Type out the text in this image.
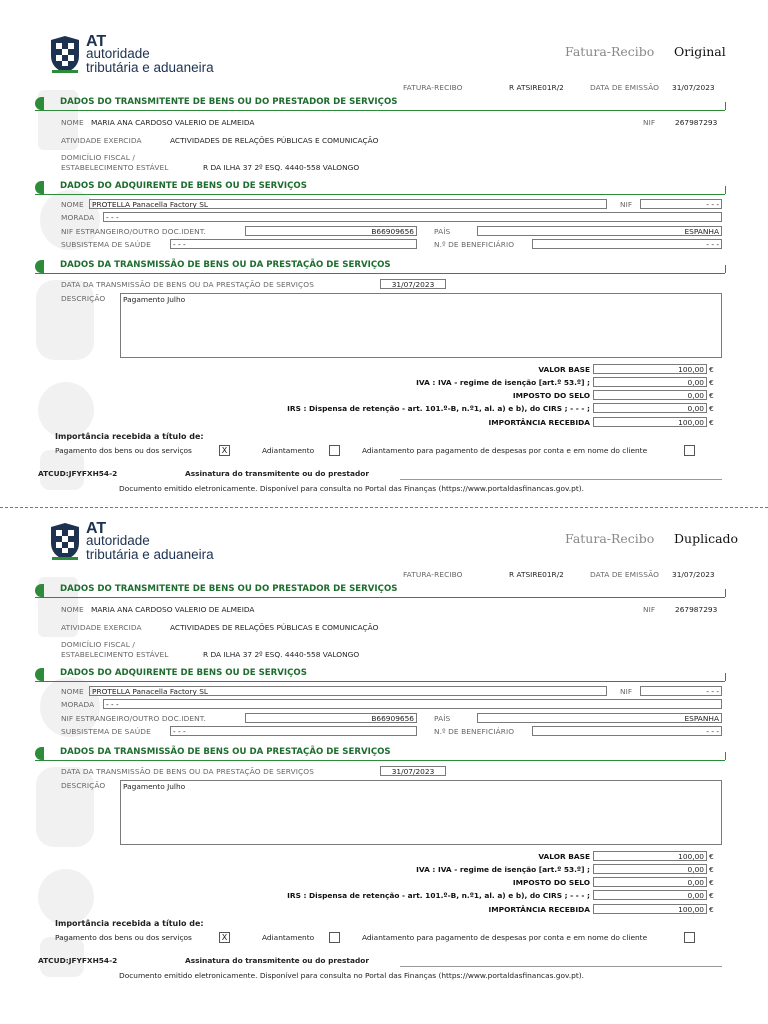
AT
autoridade
tributária e aduaneira
Fatura-Recibo Original
FATURA-RECIBO	R ATSIRE01R/2	DATA DE EMISSÃO 31/07/2023
DADOS DO TRANSMITENTE DE BENS OU DO PRESTADOR DE SERVIÇOS
NOME MARIA ANA CARDOSO VALERIO DE ALMEIDA	NIF	267987293
ATIVIDADE EXERCIDA	ACTIVIDADES DE RELAÇÕES PÚBLICAS E COMUNICAÇÃO
DOMICÍLIO FISCAL /
ESTABELECIMENTO ESTÁVEL	R DA ILHA 37 2º ESQ. 4440-558 VALONGO
DADOS DO ADQUIRENTE DE BENS OU DE SERVIÇOS
NOME	PROTELLA Panacella Factory SL	NIF	- - -
MORADA	- - -
NIF ESTRANGEIRO/OUTRO DOC.IDENT.	B66909656	PAÍS	ESPANHA
SUBSISTEMA DE SAÚDE	- - -	N.º DE BENEFICIÁRIO	- - -
DADOS DA TRANSMISSÃO DE BENS OU DA PRESTAÇÃO DE SERVIÇOS
DATA DA TRANSMISSÃO DE BENS OU DA PRESTAÇÃO DE SERVIÇOS	31/07/2023
DESCRIÇÃO	Pagamento Julho
VALOR BASE	100,00 €
IVA : IVA - regime de isenção [art.º 53.º] ;	0,00 €
IMPOSTO DO SELO	0,00 €
IRS : Dispensa de retenção - art. 101.º-B, n.º1, al. a) e b), do CIRS ; - - - ;	0,00 €
IMPORTÂNCIA RECEBIDA	100,00 €
Importância recebida a título de:
Pagamento dos bens ou dos serviços	X	Adiantamento	Adiantamento para pagamento de despesas por conta e em nome do cliente
ATCUD:JFYFXH54-2	Assinatura do transmitente ou do prestador
Documento emitido eletronicamente. Disponível para consulta no Portal das Finanças (https://www.portaldasfinancas.gov.pt).
AT
autoridade
tributária e aduaneira
Fatura-Recibo Duplicado
FATURA-RECIBO	R ATSIRE01R/2	DATA DE EMISSÃO 31/07/2023
DADOS DO TRANSMITENTE DE BENS OU DO PRESTADOR DE SERVIÇOS
NOME MARIA ANA CARDOSO VALERIO DE ALMEIDA	NIF	267987293
ATIVIDADE EXERCIDA	ACTIVIDADES DE RELAÇÕES PÚBLICAS E COMUNICAÇÃO
DOMICÍLIO FISCAL /
ESTABELECIMENTO ESTÁVEL	R DA ILHA 37 2º ESQ. 4440-558 VALONGO
DADOS DO ADQUIRENTE DE BENS OU DE SERVIÇOS
NOME	PROTELLA Panacella Factory SL	NIF	- - -
MORADA	- - -
NIF ESTRANGEIRO/OUTRO DOC.IDENT.	B66909656	PAÍS	ESPANHA
SUBSISTEMA DE SAÚDE	- - -	N.º DE BENEFICIÁRIO	- - -
DADOS DA TRANSMISSÃO DE BENS OU DA PRESTAÇÃO DE SERVIÇOS
DATA DA TRANSMISSÃO DE BENS OU DA PRESTAÇÃO DE SERVIÇOS	31/07/2023
DESCRIÇÃO	Pagamento Julho
VALOR BASE	100,00 €
IVA : IVA - regime de isenção [art.º 53.º] ;	0,00 €
IMPOSTO DO SELO	0,00 €
IRS : Dispensa de retenção - art. 101.º-B, n.º1, al. a) e b), do CIRS ; - - - ;	0,00 €
IMPORTÂNCIA RECEBIDA	100,00 €
Importância recebida a título de:
Pagamento dos bens ou dos serviços	X	Adiantamento	Adiantamento para pagamento de despesas por conta e em nome do cliente
ATCUD:JFYFXH54-2	Assinatura do transmitente ou do prestador
Documento emitido eletronicamente. Disponível para consulta no Portal das Finanças (https://www.portaldasfinancas.gov.pt).
